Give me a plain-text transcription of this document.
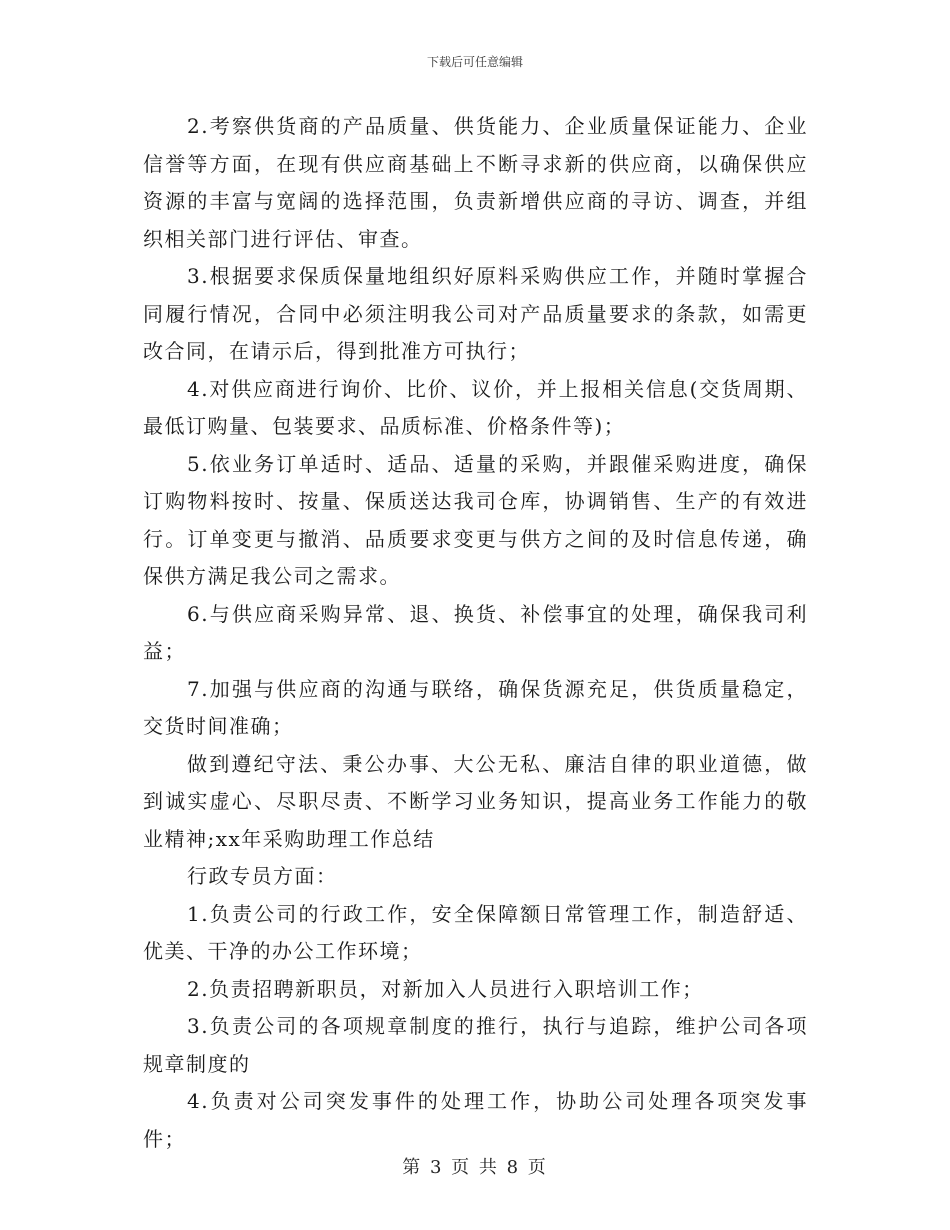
下载后可任意编辑

2.考察供货商的产品质量、供货能力、企业质量保证能力、企业信誉等方面，在现有供应商基础上不断寻求新的供应商，以确保供应资源的丰富与宽阔的选择范围，负责新增供应商的寻访、调查，并组织相关部门进行评估、审查。

3.根据要求保质保量地组织好原料采购供应工作，并随时掌握合同履行情况，合同中必须注明我公司对产品质量要求的条款，如需更改合同，在请示后，得到批准方可执行；

4.对供应商进行询价、比价、议价，并上报相关信息(交货周期、最低订购量、包装要求、品质标准、价格条件等)；

5.依业务订单适时、适品、适量的采购，并跟催采购进度，确保订购物料按时、按量、保质送达我司仓库，协调销售、生产的有效进行。订单变更与撤消、品质要求变更与供方之间的及时信息传递，确保供方满足我公司之需求。

6.与供应商采购异常、退、换货、补偿事宜的处理，确保我司利益；

7.加强与供应商的沟通与联络，确保货源充足，供货质量稳定，交货时间准确；

做到遵纪守法、秉公办事、大公无私、廉洁自律的职业道德，做到诚实虚心、尽职尽责、不断学习业务知识，提高业务工作能力的敬业精神;xx年采购助理工作总结

行政专员方面：

1.负责公司的行政工作，安全保障额日常管理工作，制造舒适、优美、干净的办公工作环境；

2.负责招聘新职员，对新加入人员进行入职培训工作；

3.负责公司的各项规章制度的推行，执行与追踪，维护公司各项规章制度的

4.负责对公司突发事件的处理工作，协助公司处理各项突发事件；

第 3 页 共 8 页
